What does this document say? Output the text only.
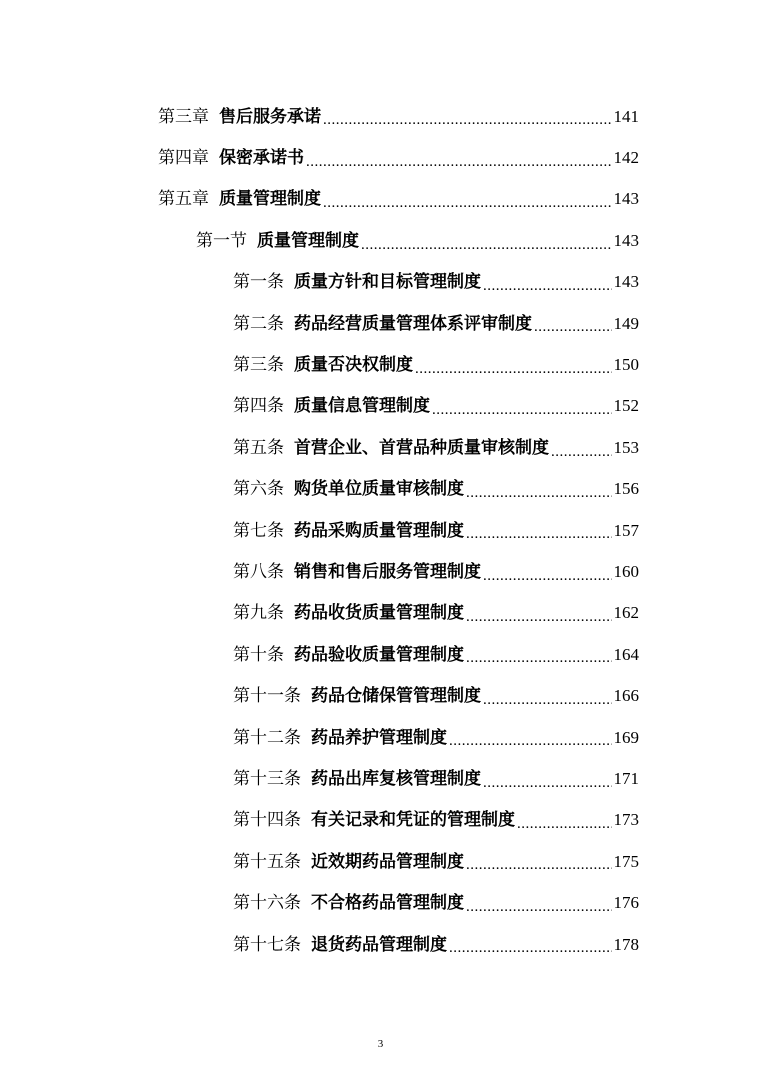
第三章 售后服务承诺 .....	141
第四章 保密承诺书 .....	142
第五章 质量管理制度 .....	143
第一节 质量管理制度 .....	143
第一条 质量方针和目标管理制度 .....	143
第二条 药品经营质量管理体系评审制度 .....	149
第三条 质量否决权制度 .....	150
第四条 质量信息管理制度 .....	152
第五条 首营企业、首营品种质量审核制度 .....	153
第六条 购货单位质量审核制度 .....	156
第七条 药品采购质量管理制度 .....	157
第八条 销售和售后服务管理制度 .....	160
第九条 药品收货质量管理制度 .....	162
第十条 药品验收质量管理制度 .....	164
第十一条 药品仓储保管管理制度 .....	166
第十二条 药品养护管理制度 .....	169
第十三条 药品出库复核管理制度 .....	171
第十四条 有关记录和凭证的管理制度 .....	173
第十五条 近效期药品管理制度 .....	175
第十六条 不合格药品管理制度 .....	176
第十七条 退货药品管理制度 .....	178
3
